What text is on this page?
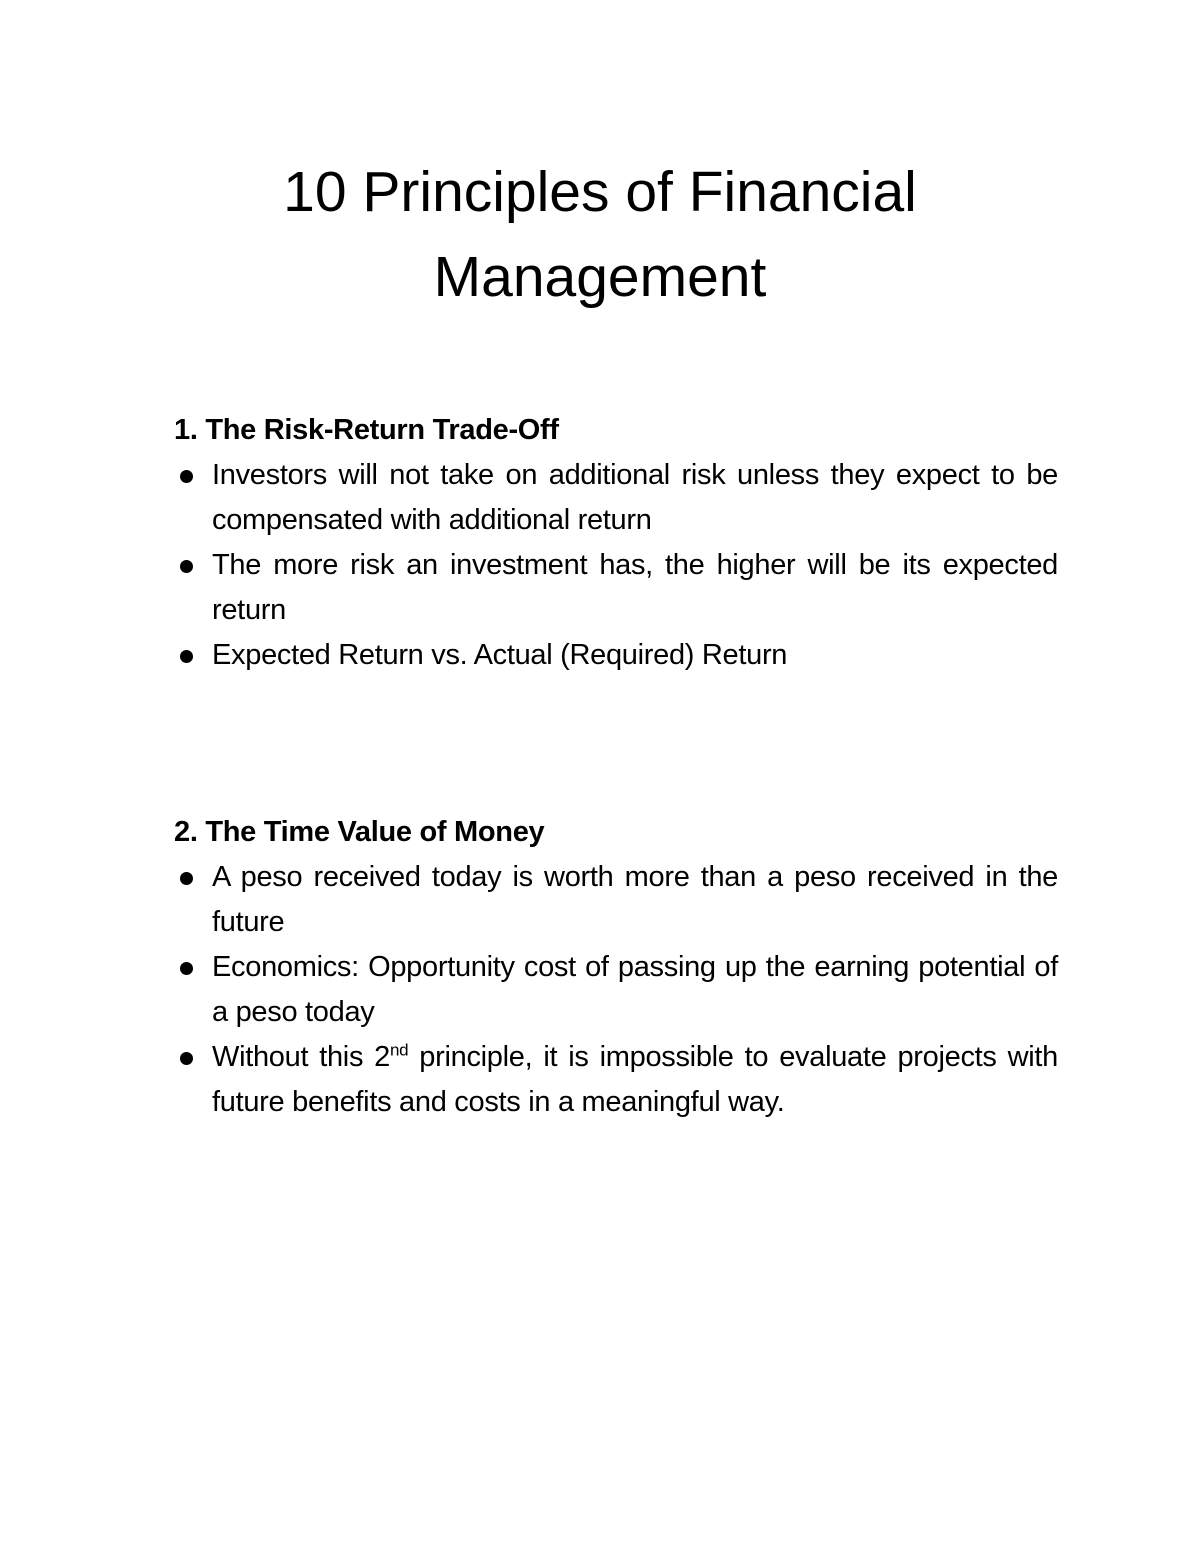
10 Principles of Financial
Management
1. The Risk-Return Trade-Off
Investors will not take on additional risk unless they expect to be compensated with additional return
The more risk an investment has, the higher will be its expected return
Expected Return vs. Actual (Required) Return
2. The Time Value of Money
A peso received today is worth more than a peso received in the future
Economics: Opportunity cost of passing up the earning potential of a peso today
Without this 2nd principle, it is impossible to evaluate projects with future benefits and costs in a meaningful way.
